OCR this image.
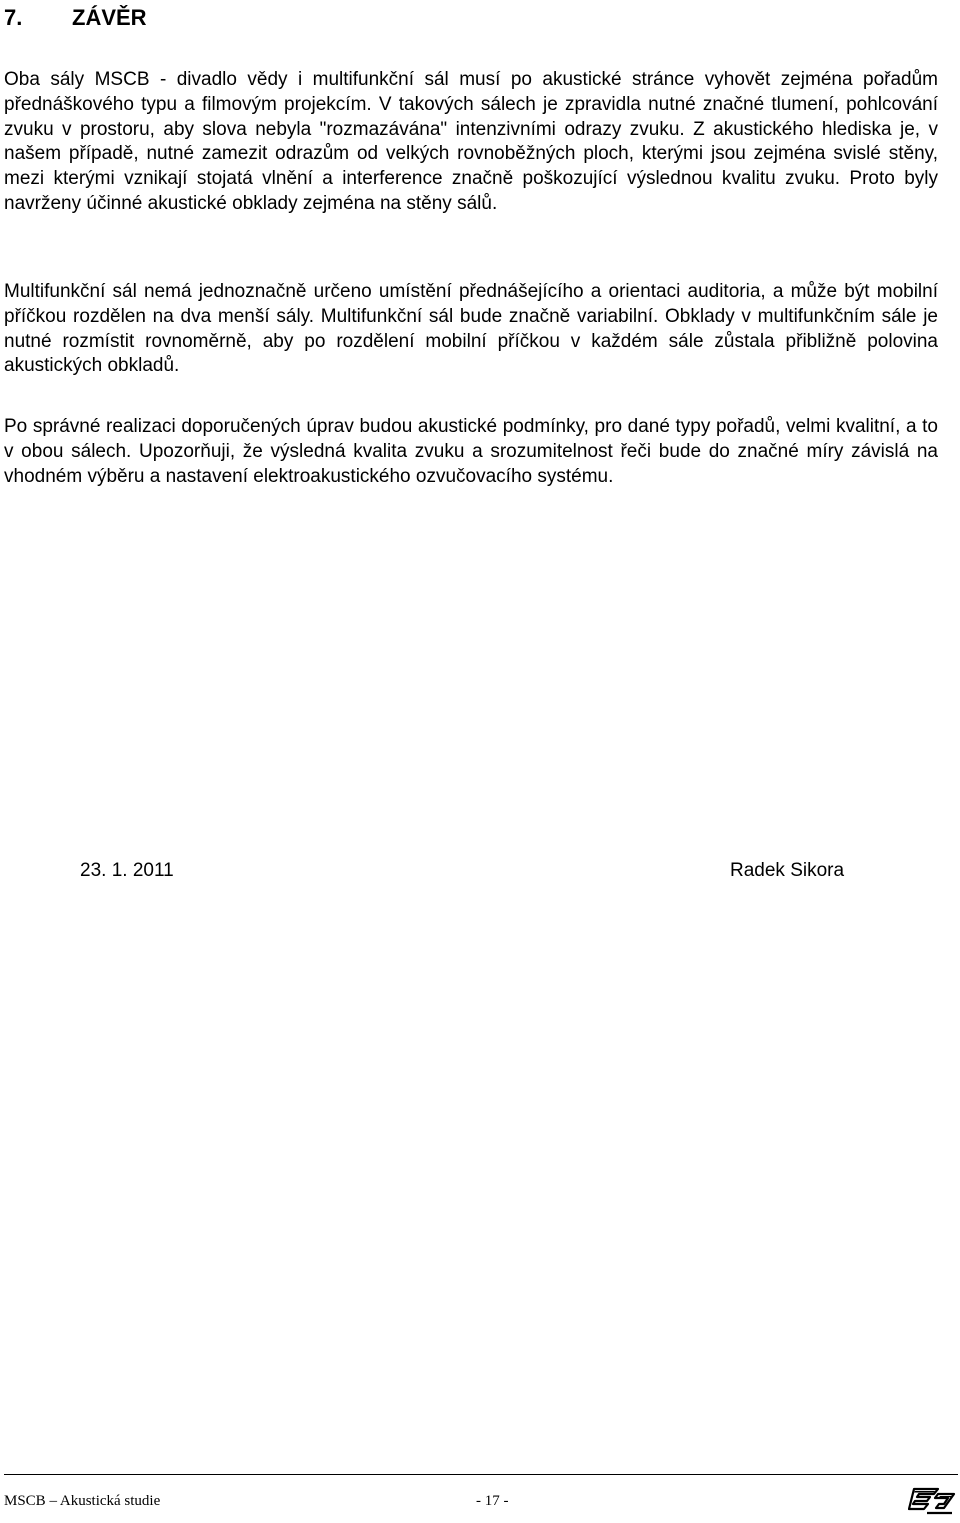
7. ZÁVĚR

Oba sály MSCB - divadlo vědy i multifunkční sál musí po akustické stránce vyhovět zejména pořadům přednáškového typu a filmovým projekcím. V takových sálech je zpravidla nutné značné tlumení, pohlcování zvuku v prostoru, aby slova nebyla "rozmazávána" intenzivními odrazy zvuku. Z akustického hlediska je, v našem případě, nutné zamezit odrazům od velkých rovnoběžných ploch, kterými jsou zejména svislé stěny, mezi kterými vznikají stojatá vlnění a interference značně poškozující výslednou kvalitu zvuku. Proto byly navrženy účinné akustické obklady zejména na stěny sálů.

Multifunkční sál nemá jednoznačně určeno umístění přednášejícího a orientaci auditoria, a může být mobilní příčkou rozdělen na dva menší sály. Multifunkční sál bude značně variabilní. Obklady v multifunkčním sále je nutné rozmístit rovnoměrně, aby po rozdělení mobilní příčkou v každém sále zůstala přibližně polovina akustických obkladů.

Po správné realizaci doporučených úprav budou akustické podmínky, pro dané typy pořadů, velmi kvalitní, a to v obou sálech. Upozorňuji, že výsledná kvalita zvuku a srozumitelnost řeči bude do značné míry závislá na vhodném výběru a nastavení elektroakustického ozvučovacího systému.

23. 1. 2011	Radek Sikora
MSCB – Akustická studie	- 17 -
